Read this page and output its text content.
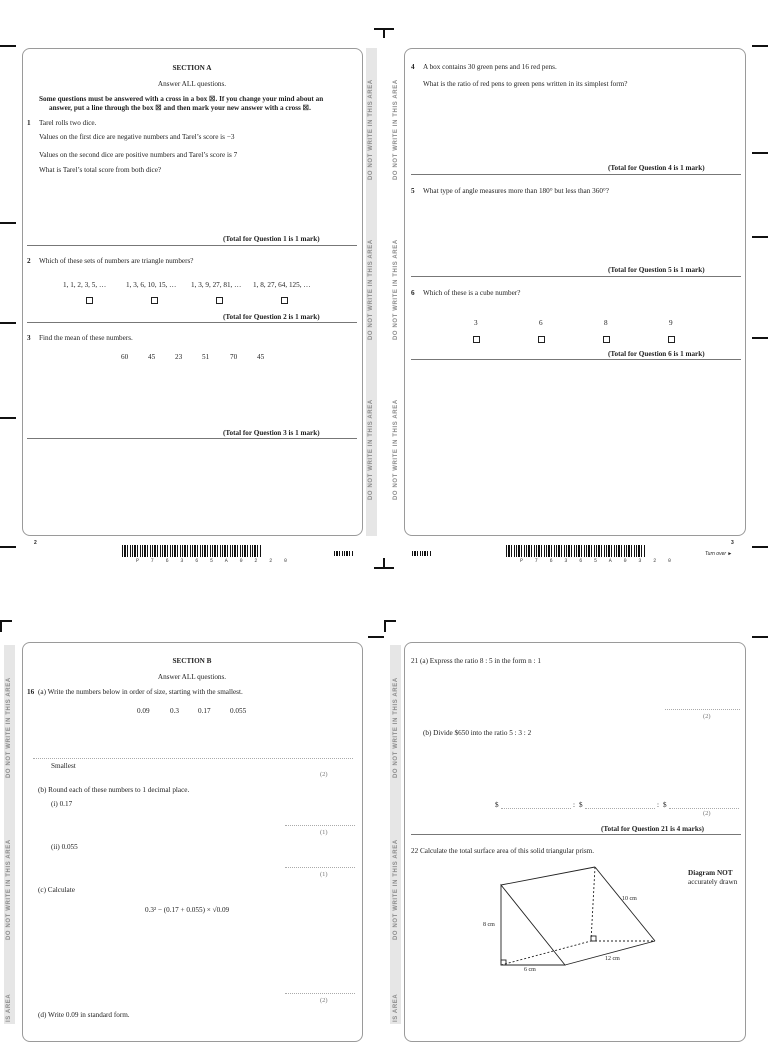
SECTION A
Answer ALL questions.
Some questions must be answered with a cross in a box ☒. If you change your mind about an
answer, put a line through the box ☒ and then mark your new answer with a cross ☒.
1 Tarel rolls two dice.
Values on the first dice are negative numbers and Tarel’s score is −3
Values on the second dice are positive numbers and Tarel’s score is 7
What is Tarel’s total score from both dice?
(Total for Question 1 is 1 mark)
2 Which of these sets of numbers are triangle numbers?
1, 1, 2, 3, 5, …	1, 3, 6, 10, 15, … 1, 3, 9, 27, 81, … 1, 8, 27, 64, 125, …
(Total for Question 2 is 1 mark)
3 Find the mean of these numbers.
60	45	23	51	70	45
(Total for Question 3 is 1 mark)
DO NOT WRITE IN THIS AREA
DO NOT WRITE IN THIS AREA
DO NOT WRITE IN THIS AREA
DO NOT WRITE IN THIS AREA
DO NOT WRITE IN THIS AREA
DO NOT WRITE IN THIS AREA
2
P 7 6 3 6 5 A 0 2 2 0
4 A box contains 30 green pens and 16 red pens.
What is the ratio of red pens to green pens written in its simplest form?
(Total for Question 4 is 1 mark)
5 What type of angle measures more than 180° but less than 360°?
(Total for Question 5 is 1 mark)
6 Which of these is a cube number?
3	6	8	9
(Total for Question 6 is 1 mark)
P 7 6 3 6 5 A 0 3 2 0
3
Turn over ►
DO NOT WRITE IN THIS AREA
DO NOT WRITE IN THIS AREA
IS AREA
SECTION B
Answer ALL questions.
16 (a) Write the numbers below in order of size, starting with the smallest.
0.09	0.3	0.17	0.055
Smallest
(2)
(b) Round each of these numbers to 1 decimal place.
(i) 0.17
(1)
(ii) 0.055
(1)
(c) Calculate
0.3² − (0.17 + 0.055) × √0.09
(2)
(d) Write 0.09 in standard form.
DO NOT WRITE IN THIS AREA
DO NOT WRITE IN THIS AREA
IS AREA
21 (a) Express the ratio 8 : 5 in the form n : 1
(2)
(b) Divide $650 into the ratio 5 : 3 : 2
$	: $	: $
(2)
(Total for Question 21 is 4 marks)
22 Calculate the total surface area of this solid triangular prism.
Diagram NOT
accurately drawn
10 cm
8 cm
12 cm
6 cm
